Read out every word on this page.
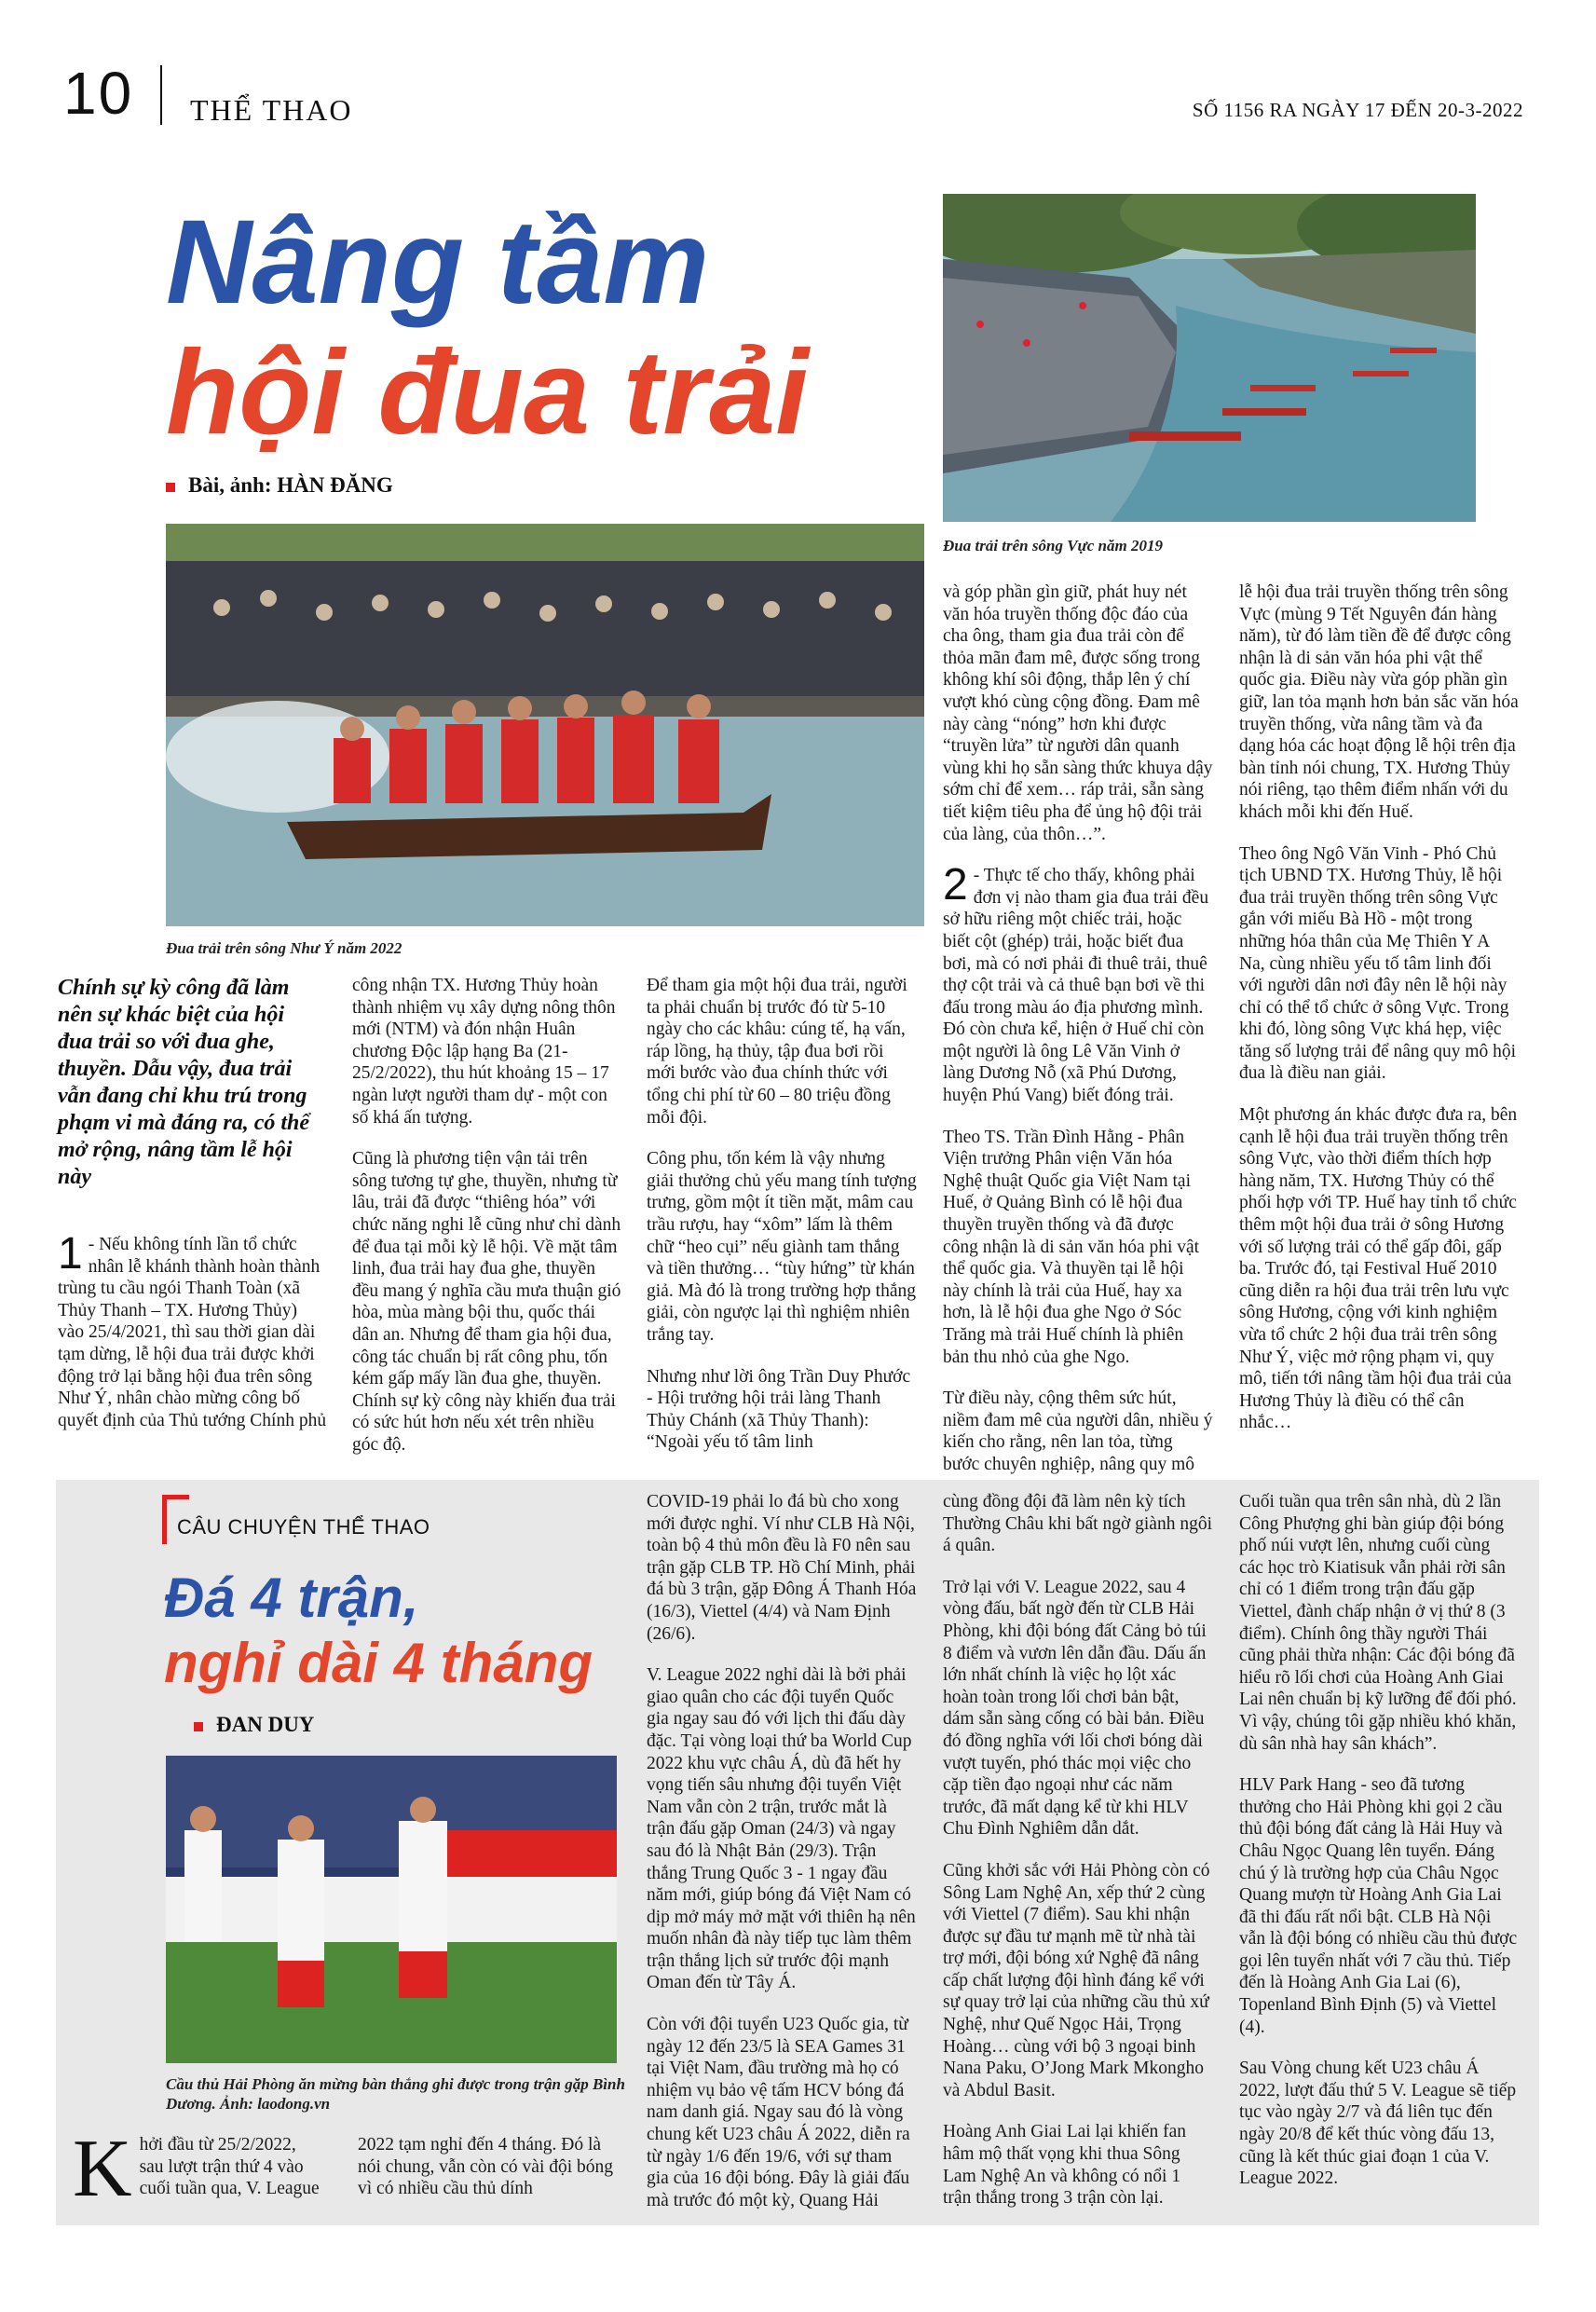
10 THỂ THAO	SỐ 1156 RA NGÀY 17 ĐẾN 20-3-2022
Nâng tầm
hội đua trải
Bài, ảnh: HÀN ĐĂNG
Đua trải trên sông Vực năm 2019
Đua trải trên sông Như Ý năm 2022
Chính sự kỳ công đã làm nên sự khác biệt của hội đua trải so với đua ghe, thuyền. Dẫu vậy, đua trải vẫn đang chỉ khu trú trong phạm vi mà đáng ra, có thể mở rộng, nâng tầm lễ hội này
1 - Nếu không tính lần tổ chức nhân lễ khánh thành hoàn thành trùng tu cầu ngói Thanh Toàn (xã Thủy Thanh – TX. Hương Thủy) vào 25/4/2021, thì sau thời gian dài tạm dừng, lễ hội đua trải được khởi động trở lại bằng hội đua trên sông Như Ý, nhân chào mừng công bố quyết định của Thủ tướng Chính phủ

công nhận TX. Hương Thủy hoàn thành nhiệm vụ xây dựng nông thôn mới (NTM) và đón nhận Huân chương Độc lập hạng Ba (21-25/2/2022), thu hút khoảng 15 – 17 ngàn lượt người tham dự - một con số khá ấn tượng.

Cũng là phương tiện vận tải trên sông tương tự ghe, thuyền, nhưng từ lâu, trải đã được “thiêng hóa” với chức năng nghi lễ cũng như chỉ dành để đua tại mỗi kỳ lễ hội. Về mặt tâm linh, đua trải hay đua ghe, thuyền đều mang ý nghĩa cầu mưa thuận gió hòa, mùa màng bội thu, quốc thái dân an. Nhưng để tham gia hội đua, công tác chuẩn bị rất công phu, tốn kém gấp mấy lần đua ghe, thuyền. Chính sự kỳ công này khiến đua trải có sức hút hơn nếu xét trên nhiều góc độ.

Để tham gia một hội đua trải, người ta phải chuẩn bị trước đó từ 5-10 ngày cho các khâu: cúng tế, hạ vấn, ráp lồng, hạ thủy, tập đua bơi rồi mới bước vào đua chính thức với tổng chi phí từ 60 – 80 triệu đồng mỗi đội.

Công phu, tốn kém là vậy nhưng giải thưởng chủ yếu mang tính tượng trưng, gồm một ít tiền mặt, mâm cau trầu rượu, hay “xôm” lấm là thêm chữ “heo cụi” nếu giành tam thắng và tiền thưởng… “tùy hứng” từ khán giả. Mà đó là trong trường hợp thắng giải, còn ngược lại thì nghiệm nhiên trắng tay.

Nhưng như lời ông Trần Duy Phước - Hội trưởng hội trải làng Thanh Thủy Chánh (xã Thủy Thanh): “Ngoài yếu tố tâm linh

và góp phần gìn giữ, phát huy nét văn hóa truyền thống độc đáo của cha ông, tham gia đua trải còn để thỏa mãn đam mê, được sống trong không khí sôi động, thắp lên ý chí vượt khó cùng cộng đồng. Đam mê này càng “nóng” hơn khi được “truyền lửa” từ người dân quanh vùng khi họ sẵn sàng thức khuya dậy sớm chỉ để xem… ráp trải, sẵn sàng tiết kiệm tiêu pha để ủng hộ đội trải của làng, của thôn…”.

2 - Thực tế cho thấy, không phải đơn vị nào tham gia đua trải đều sở hữu riêng một chiếc trải, hoặc biết cột (ghép) trải, hoặc biết đua bơi, mà có nơi phải đi thuê trải, thuê thợ cột trải và cả thuê bạn bơi về thi đấu trong màu áo địa phương mình. Đó còn chưa kể, hiện ở Huế chỉ còn một người là ông Lê Văn Vinh ở làng Dương Nỗ (xã Phú Dương, huyện Phú Vang) biết đóng trải.

Theo TS. Trần Đình Hằng - Phân Viện trưởng Phân viện Văn hóa Nghệ thuật Quốc gia Việt Nam tại Huế, ở Quảng Bình có lễ hội đua thuyền truyền thống và đã được công nhận là di sản văn hóa phi vật thể quốc gia. Và thuyền tại lễ hội này chính là trải của Huế, hay xa hơn, là lễ hội đua ghe Ngo ở Sóc Trăng mà trải Huế chính là phiên bản thu nhỏ của ghe Ngo.

Từ điều này, cộng thêm sức hút, niềm đam mê của người dân, nhiều ý kiến cho rằng, nên lan tỏa, từng bước chuyên nghiệp, nâng quy mô

lễ hội đua trải truyền thống trên sông Vực (mùng 9 Tết Nguyên đán hàng năm), từ đó làm tiền đề để được công nhận là di sản văn hóa phi vật thể quốc gia. Điều này vừa góp phần gìn giữ, lan tỏa mạnh hơn bản sắc văn hóa truyền thống, vừa nâng tầm và đa dạng hóa các hoạt động lễ hội trên địa bàn tỉnh nói chung, TX. Hương Thủy nói riêng, tạo thêm điểm nhấn với du khách mỗi khi đến Huế.

Theo ông Ngô Văn Vinh - Phó Chủ tịch UBND TX. Hương Thủy, lễ hội đua trải truyền thống trên sông Vực gắn với miếu Bà Hồ - một trong những hóa thân của Mẹ Thiên Y A Na, cùng nhiều yếu tố tâm linh đối với người dân nơi đây nên lễ hội này chỉ có thể tổ chức ở sông Vực. Trong khi đó, lòng sông Vực khá hẹp, việc tăng số lượng trải để nâng quy mô hội đua là điều nan giải.

Một phương án khác được đưa ra, bên cạnh lễ hội đua trải truyền thống trên sông Vực, vào thời điểm thích hợp hàng năm, TX. Hương Thủy có thể phối hợp với TP. Huế hay tỉnh tổ chức thêm một hội đua trải ở sông Hương với số lượng trải có thể gấp đôi, gấp ba. Trước đó, tại Festival Huế 2010 cũng diễn ra hội đua trải trên lưu vực sông Hương, cộng với kinh nghiệm vừa tổ chức 2 hội đua trải trên sông Như Ý, việc mở rộng phạm vi, quy mô, tiến tới nâng tầm hội đua trải của Hương Thủy là điều có thể cân nhắc…

CÂU CHUYỆN THỂ THAO
Đá 4 trận,
nghỉ dài 4 tháng
ĐAN DUY
Cầu thủ Hải Phòng ăn mừng bàn thắng ghi được trong trận gặp Bình Dương. Ảnh: laodong.vn
K hởi đầu từ 25/2/2022, sau lượt trận thứ 4 vào cuối tuần qua, V. League

2022 tạm nghỉ đến 4 tháng. Đó là nói chung, vẫn còn có vài đội bóng vì có nhiều cầu thủ dính

COVID-19 phải lo đá bù cho xong mới được nghỉ. Ví như CLB Hà Nội, toàn bộ 4 thủ môn đều là F0 nên sau trận gặp CLB TP. Hồ Chí Minh, phải đá bù 3 trận, gặp Đông Á Thanh Hóa (16/3), Viettel (4/4) và Nam Định (26/6).

V. League 2022 nghỉ dài là bởi phải giao quân cho các đội tuyển Quốc gia ngay sau đó với lịch thi đấu dày đặc. Tại vòng loại thứ ba World Cup 2022 khu vực châu Á, dù đã hết hy vọng tiến sâu nhưng đội tuyển Việt Nam vẫn còn 2 trận, trước mắt là trận đấu gặp Oman (24/3) và ngay sau đó là Nhật Bản (29/3). Trận thắng Trung Quốc 3 - 1 ngay đầu năm mới, giúp bóng đá Việt Nam có dịp mở máy mở mặt với thiên hạ nên muốn nhân đà này tiếp tục làm thêm trận thắng lịch sử trước đội mạnh Oman đến từ Tây Á.

Còn với đội tuyển U23 Quốc gia, từ ngày 12 đến 23/5 là SEA Games 31 tại Việt Nam, đầu trường mà họ có nhiệm vụ bảo vệ tấm HCV bóng đá nam danh giá. Ngay sau đó là vòng chung kết U23 châu Á 2022, diễn ra từ ngày 1/6 đến 19/6, với sự tham gia của 16 đội bóng. Đây là giải đấu mà trước đó một kỳ, Quang Hải

cùng đồng đội đã làm nên kỳ tích Thường Châu khi bất ngờ giành ngôi á quân.

Trở lại với V. League 2022, sau 4 vòng đấu, bất ngờ đến từ CLB Hải Phòng, khi đội bóng đất Cảng bỏ túi 8 điểm và vươn lên dẫn đầu. Dấu ấn lớn nhất chính là việc họ lột xác hoàn toàn trong lối chơi bản bật, dám sẵn sàng cống có bài bản. Điều đó đồng nghĩa với lối chơi bóng dài vượt tuyến, phó thác mọi việc cho cặp tiền đạo ngoại như các năm trước, đã mất dạng kể từ khi HLV Chu Đình Nghiêm dẫn dắt.

Cũng khởi sắc với Hải Phòng còn có Sông Lam Nghệ An, xếp thứ 2 cùng với Viettel (7 điểm). Sau khi nhận được sự đầu tư mạnh mẽ từ nhà tài trợ mới, đội bóng xứ Nghệ đã nâng cấp chất lượng đội hình đáng kể với sự quay trở lại của những cầu thủ xứ Nghệ, như Quế Ngọc Hải, Trọng Hoàng… cùng với bộ 3 ngoại binh Nana Paku, O’Jong Mark Mkongho và Abdul Basit.

Hoàng Anh Giai Lai lại khiến fan hâm mộ thất vọng khi thua Sông Lam Nghệ An và không có nổi 1 trận thắng trong 3 trận còn lại.

Cuối tuần qua trên sân nhà, dù 2 lần Công Phượng ghi bàn giúp đội bóng phố núi vượt lên, nhưng cuối cùng các học trò Kiatisuk vẫn phải rời sân chỉ có 1 điểm trong trận đấu gặp Viettel, đành chấp nhận ở vị thứ 8 (3 điểm). Chính ông thầy người Thái cũng phải thừa nhận: Các đội bóng đã hiểu rõ lối chơi của Hoàng Anh Giai Lai nên chuẩn bị kỹ lưỡng để đối phó. Vì vậy, chúng tôi gặp nhiều khó khăn, dù sân nhà hay sân khách”.

HLV Park Hang - seo đã tương thưởng cho Hải Phòng khi gọi 2 cầu thủ đội bóng đất cảng là Hải Huy và Châu Ngọc Quang lên tuyển. Đáng chú ý là trường hợp của Châu Ngọc Quang mượn từ Hoàng Anh Gia Lai đã thi đấu rất nổi bật. CLB Hà Nội vẫn là đội bóng có nhiều cầu thủ được gọi lên tuyển nhất với 7 cầu thủ. Tiếp đến là Hoàng Anh Gia Lai (6), Topenland Bình Định (5) và Viettel (4).

Sau Vòng chung kết U23 châu Á 2022, lượt đấu thứ 5 V. League sẽ tiếp tục vào ngày 2/7 và đá liên tục đến ngày 20/8 để kết thúc vòng đấu 13, cũng là kết thúc giai đoạn 1 của V. League 2022.
